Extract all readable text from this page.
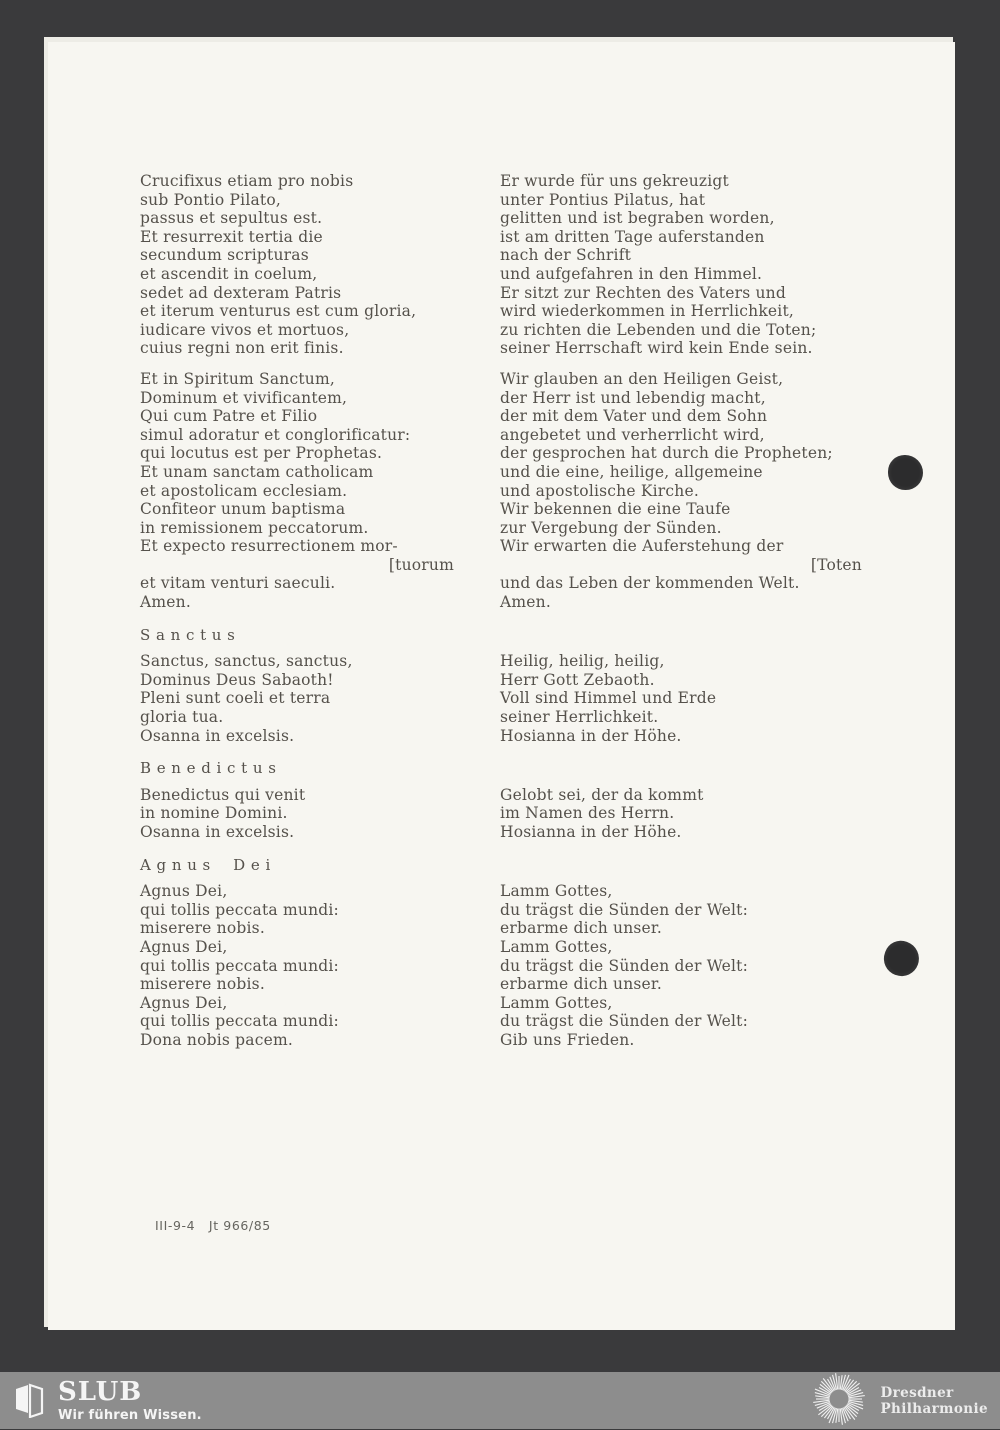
Crucifixus etiam pro nobis
sub Pontio Pilato,
passus et sepultus est.
Et resurrexit tertia die
secundum scripturas
et ascendit in coelum,
sedet ad dexteram Patris
et iterum venturus est cum gloria,
iudicare vivos et mortuos,
cuius regni non erit finis.
Et in Spiritum Sanctum,
Dominum et vivificantem,
Qui cum Patre et Filio
simul adoratur et conglorificatur:
qui locutus est per Prophetas.
Et unam sanctam catholicam
et apostolicam ecclesiam.
Confiteor unum baptisma
in remissionem peccatorum.
Et expecto resurrectionem mor-
[tuorum
et vitam venturi saeculi.
Amen.
Sanctus
Sanctus, sanctus, sanctus,
Dominus Deus Sabaoth!
Pleni sunt coeli et terra
gloria tua.
Osanna in excelsis.
Benedictus
Benedictus qui venit
in nomine Domini.
Osanna in excelsis.
Agnus Dei
Agnus Dei,
qui tollis peccata mundi:
miserere nobis.
Agnus Dei,
qui tollis peccata mundi:
miserere nobis.
Agnus Dei,
qui tollis peccata mundi:
Dona nobis pacem.
Er wurde für uns gekreuzigt
unter Pontius Pilatus, hat
gelitten und ist begraben worden,
ist am dritten Tage auferstanden
nach der Schrift
und aufgefahren in den Himmel.
Er sitzt zur Rechten des Vaters und
wird wiederkommen in Herrlichkeit,
zu richten die Lebenden und die Toten;
seiner Herrschaft wird kein Ende sein.
Wir glauben an den Heiligen Geist,
der Herr ist und lebendig macht,
der mit dem Vater und dem Sohn
angebetet und verherrlicht wird,
der gesprochen hat durch die Propheten;
und die eine, heilige, allgemeine
und apostolische Kirche.
Wir bekennen die eine Taufe
zur Vergebung der Sünden.
Wir erwarten die Auferstehung der
[Toten
und das Leben der kommenden Welt.
Amen.
Heilig, heilig, heilig,
Herr Gott Zebaoth.
Voll sind Himmel und Erde
seiner Herrlichkeit.
Hosianna in der Höhe.
Gelobt sei, der da kommt
im Namen des Herrn.
Hosianna in der Höhe.
Lamm Gottes,
du trägst die Sünden der Welt:
erbarme dich unser.
Lamm Gottes,
du trägst die Sünden der Welt:
erbarme dich unser.
Lamm Gottes,
du trägst die Sünden der Welt:
Gib uns Frieden.
III-9-4   Jt 966/85
SLUB
Wir führen Wissen.
Dresdner
Philharmonie
